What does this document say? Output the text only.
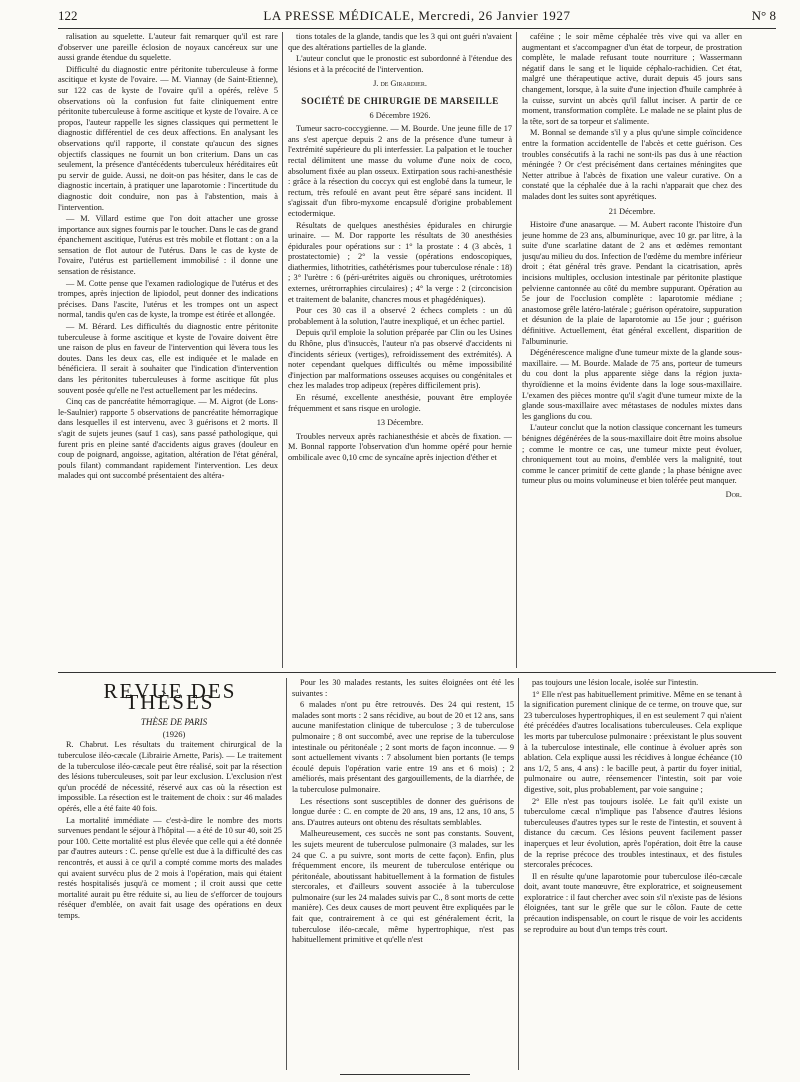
122	LA PRESSE MÉDICALE, Mercredi, 26 Janvier 1927	N° 8

ralisation au squelette. L'auteur fait remarquer qu'il est rare d'observer une pareille éclosion de noyaux cancéreux sur une aussi grande étendue du squelette.

Difficulté du diagnostic entre péritonite tuberculeuse à forme ascitique et kyste de l'ovaire. — M. Viannay (de Saint-Etienne), sur 122 cas de kyste de l'ovaire qu'il a opérés, relève 5 observations où la confusion fut faite cliniquement entre péritonite tuberculeuse à forme ascitique et kyste de l'ovaire. A ce propos, l'auteur rappelle les signes classiques qui permettent le diagnostic différentiel de ces deux affections. En analysant les observations qu'il rapporte, il constate qu'aucun des signes objectifs classiques ne fournit un bon criterium. Dans un cas seulement, la présence d'antécédents tuberculeux héréditaires eût pu servir de guide. Aussi, ne doit-on pas hésiter, dans le cas de diagnostic incertain, à pratiquer une laparotomie : l'incertitude du diagnostic doit conduire, non pas à l'abstention, mais à l'intervention.

— M. Villard estime que l'on doit attacher une grosse importance aux signes fournis par le toucher. Dans le cas de grand épanchement ascitique, l'utérus est très mobile et flottant : on a la sensation de flot autour de l'utérus. Dans le cas de kyste de l'ovaire, l'utérus est partiellement immobilisé : il donne une sensation de résistance.

— M. Cotte pense que l'examen radiologique de l'utérus et des trompes, après injection de lipiodol, peut donner des indications précises. Dans l'ascite, l'utérus et les trompes ont un aspect normal, tandis qu'en cas de kyste, la trompe est étirée et allongée.

— M. Bérard. Les difficultés du diagnostic entre péritonite tuberculeuse à forme ascitique et kyste de l'ovaire doivent être une raison de plus en faveur de l'intervention qui lèvera tous les doutes. Dans les deux cas, elle est indiquée et le malade en bénéficiera. Il serait à souhaiter que l'indication d'intervention dans les péritonites tuberculeuses à forme ascitique fût plus souvent posée qu'elle ne l'est actuellement par les médecins.

Cinq cas de pancréatite hémorragique. — M. Aigrot (de Lons-le-Saulnier) rapporte 5 observations de pancréatite hémorragique dans lesquelles il est intervenu, avec 3 guérisons et 2 morts. Il s'agit de sujets jeunes (sauf 1 cas), sans passé pathologique, qui furent pris en pleine santé d'accidents aigus graves (douleur en coup de poignard, angoisse, agitation, altération de l'état général, pouls filant) commandant rapidement l'intervention. Les deux malades qui ont succombé présentaient des altéra-

tions totales de la glande, tandis que les 3 qui ont guéri n'avaient que des altérations partielles de la glande.

L'auteur conclut que le pronostic est subordonné à l'étendue des lésions et à la précocité de l'intervention.

J. de Girardier.
SOCIÉTÉ DE CHIRURGIE DE MARSEILLE

6 Décembre 1926.

Tumeur sacro-coccygienne. — M. Bourde. Une jeune fille de 17 ans s'est aperçue depuis 2 ans de la présence d'une tumeur à l'extrémité supérieure du pli interfessier. La palpation et le toucher rectal délimitent une masse du volume d'une noix de coco, absolument fixée au plan osseux. Extirpation sous rachi-anesthésie : grâce à la résection du coccyx qui est englobé dans la tumeur, le rectum, très refoulé en avant peut être séparé sans incident. Il s'agissait d'un fibro-myxome encapsulé d'origine probablement ectodermique.

Résultats de quelques anesthésies épidurales en chirurgie urinaire. — M. Dor rapporte les résultats de 30 anesthésies épidurales pour opérations sur : 1° la prostate : 4 (3 abcès, 1 prostatectomie) ; 2° la vessie (opérations endoscopiques, diathermies, lithotrities, cathétérismes pour tuberculose rénale : 18) ; 3° l'urètre : 6 (péri-urétrites aiguës ou chroniques, urétrotomies externes, urétrorraphies circulaires) ; 4° la verge : 2 (circoncision et traitement de balanite, chancres mous et phagédéniques).

Pour ces 30 cas il a observé 2 échecs complets : un dû probablement à la solution, l'autre inexpliqué, et un échec partiel.

Depuis qu'il emploie la solution préparée par Clin ou les Usines du Rhône, plus d'insuccès, l'auteur n'a pas observé d'accidents ni d'incidents sérieux (vertiges), refroidissement des extrémités). A noter cependant quelques difficultés ou même impossibilité d'injection par malformations osseuses acquises ou congénitales et chez les malades trop adipeux (repères difficilement pris).

En résumé, excellente anesthésie, pouvant être employée fréquemment et sans risque en urologie.

13 Décembre.

Troubles nerveux après rachianesthésie et abcès de fixation. — M. Bonnal rapporte l'observation d'un homme opéré pour hernie ombilicale avec 0,10 cmc de syncaïne après injection d'éther et

caféine ; le soir même céphalée très vive qui va aller en augmentant et s'accompagner d'un état de torpeur, de prostration complète, le malade refusant toute nourriture ; Wassermann négatif dans le sang et le liquide céphalo-rachidien. Cet état, malgré une thérapeutique active, durait depuis 45 jours sans changement, lorsque, à la suite d'une injection d'huile camphrée à la cuisse, survint un abcès qu'il fallut inciser. A partir de ce moment, transformation complète. Le malade ne se plaint plus de la tête, sort de sa torpeur et s'alimente.

M. Bonnal se demande s'il y a plus qu'une simple coïncidence entre la formation accidentelle de l'abcès et cette guérison. Ces troubles consécutifs à la rachi ne sont-ils pas dus à une réaction méningée ? Or c'est précisément dans certaines méningites que Netter attribue à l'abcès de fixation une valeur curative. On a constaté que la céphalée due à la rachi n'apparait que chez des malades dont les suites sont apyrétiques.

21 Décembre.

Histoire d'une anasarque. — M. Aubert raconte l'histoire d'un jeune homme de 23 ans, albuminurique, avec 10 gr. par litre, à la suite d'une scarlatine datant de 2 ans et œdèmes remontant jusqu'au milieu du dos. Infection de l'œdème du membre inférieur droit ; état général très grave. Pendant la cicatrisation, après incisions multiples, occlusion intestinale par péritonite plastique pelvienne cantonnée au côté du membre suppurant. Opération au 5e jour de l'occlusion complète : laparotomie médiane ; anastomose grêle latéro-latérale ; guérison opératoire, suppuration et désunion de la plaie de laparotomie au 15e jour ; guérison définitive. Actuellement, état général excellent, disparition de l'albuminurie.

Dégénérescence maligne d'une tumeur mixte de la glande sous-maxillaire. — M. Bourde. Malade de 75 ans, porteur de tumeurs du cou dont la plus apparente siège dans la région juxta-thyroïdienne et la moins évidente dans la loge sous-maxillaire. L'examen des pièces montre qu'il s'agit d'une tumeur mixte de la glande sous-maxillaire avec métastases de nodules mixtes dans les ganglions du cou.

L'auteur conclut que la notion classique concernant les tumeurs bénignes dégénérées de la sous-maxillaire doit être moins absolue ; comme le montre ce cas, une tumeur mixte peut évoluer, chroniquement tout au moins, d'emblée vers la malignité, tout comme le cancer primitif de cette glande ; la phase bénigne avec tumeur plus ou moins volumineuse et bien tolérée peut manquer.

Dor.
REVUE DES THÈSES

THÈSE DE PARIS

(1926)

R. Chabrut. Les résultats du traitement chirurgical de la tuberculose iléo-cæcale (Librairie Arnette, Paris). — Le traitement de la tuberculose iléo-cæcale peut être réalisé, soit par la résection des lésions tuberculeuses, soit par leur exclusion. L'exclusion n'est qu'un procédé de nécessité, réservé aux cas où la résection est impossible. La résection est le traitement de choix : sur 46 malades opérés, elle a été faite 40 fois.

La mortalité immédiate — c'est-à-dire le nombre des morts survenues pendant le séjour à l'hôpital — a été de 10 sur 40, soit 25 pour 100. Cette mortalité est plus élevée que celle qui a été donnée par d'autres auteurs : C. pense qu'elle est due à la difficulté des cas rencontrés, et aussi à ce qu'il a compté comme morts des malades qui avaient survécu plus de 2 mois à l'opération, mais qui étaient restés hospitalisés jusqu'à ce moment ; il croit aussi que cette mortalité aurait pu être réduite si, au lieu de s'efforcer de toujours réséquer d'emblée, on avait fait usage des opérations en deux temps.

Pour les 30 malades restants, les suites éloignées ont été les suivantes :

6 malades n'ont pu être retrouvés. Des 24 qui restent, 15 malades sont morts : 2 sans récidive, au bout de 20 et 12 ans, sans aucune manifestation clinique de tuberculose ; 3 de tuberculose pulmonaire ; 8 ont succombé, avec une reprise de la tuberculose intestinale ou péritonéale ; 2 sont morts de façon inconnue. — 9 sont actuellement vivants : 7 absolument bien portants (le temps écoulé depuis l'opération varie entre 19 ans et 6 mois) ; 2 améliorés, mais présentant des gargouillements, de la diarrhée, de la tuberculose pulmonaire.

Les résections sont susceptibles de donner des guérisons de longue durée : C. en compte de 20 ans, 19 ans, 12 ans, 10 ans, 5 ans. D'autres auteurs ont obtenu des résultats semblables.

Malheureusement, ces succès ne sont pas constants. Souvent, les sujets meurent de tuberculose pulmonaire (3 malades, sur les 24 que C. a pu suivre, sont morts de cette façon). Enfin, plus fréquemment encore, ils meurent de tuberculose entérique ou péritonéale, aboutissant habituellement à la formation de fistules stercorales, et d'ailleurs souvent associée à la tuberculose pulmonaire (sur les 24 malades suivis par C., 8 sont morts de cette manière). Ces deux causes de mort peuvent être expliquées par le fait que, contrairement à ce qui est généralement écrit, la tuberculose iléo-cæcale, même hypertrophique, n'est pas habituellement primitive et qu'elle n'est

pas toujours une lésion locale, isolée sur l'intestin.

1° Elle n'est pas habituellement primitive. Même en se tenant à la signification purement clinique de ce terme, on trouve que, sur 23 tuberculoses hypertrophiques, il en est seulement 7 qui n'aient été précédées d'autres localisations tuberculeuses. Cela explique les morts par tuberculose pulmonaire : préexistant le plus souvent à la tuberculose intestinale, elle continue à évoluer après son ablation. Cela explique aussi les récidives à longue échéance (10 ans 1/2, 5 ans, 4 ans) : le bacille peut, à partir du foyer initial, pulmonaire ou autre, réensemencer l'intestin, soit par voie digestive, soit, plus probablement, par voie sanguine ;

2° Elle n'est pas toujours isolée. Le fait qu'il existe un tuberculome cæcal n'implique pas l'absence d'autres lésions tuberculeuses d'autres types sur le reste de l'intestin, et souvent à distance du cæcum. Ces lésions peuvent facilement passer inaperçues et leur évolution, après l'opération, doit être la cause de la reprise précoce des troubles intestinaux, et des fistules stercorales précoces.

Il en résulte qu'une laparotomie pour tuberculose iléo-cæcale doit, avant toute manœuvre, être exploratrice, et soigneusement exploratrice : il faut chercher avec soin s'il n'existe pas de lésions éloignées, tant sur le grêle que sur le côlon. Faute de cette précaution indispensable, on court le risque de voir les accidents se reproduire au bout d'un temps très court.
